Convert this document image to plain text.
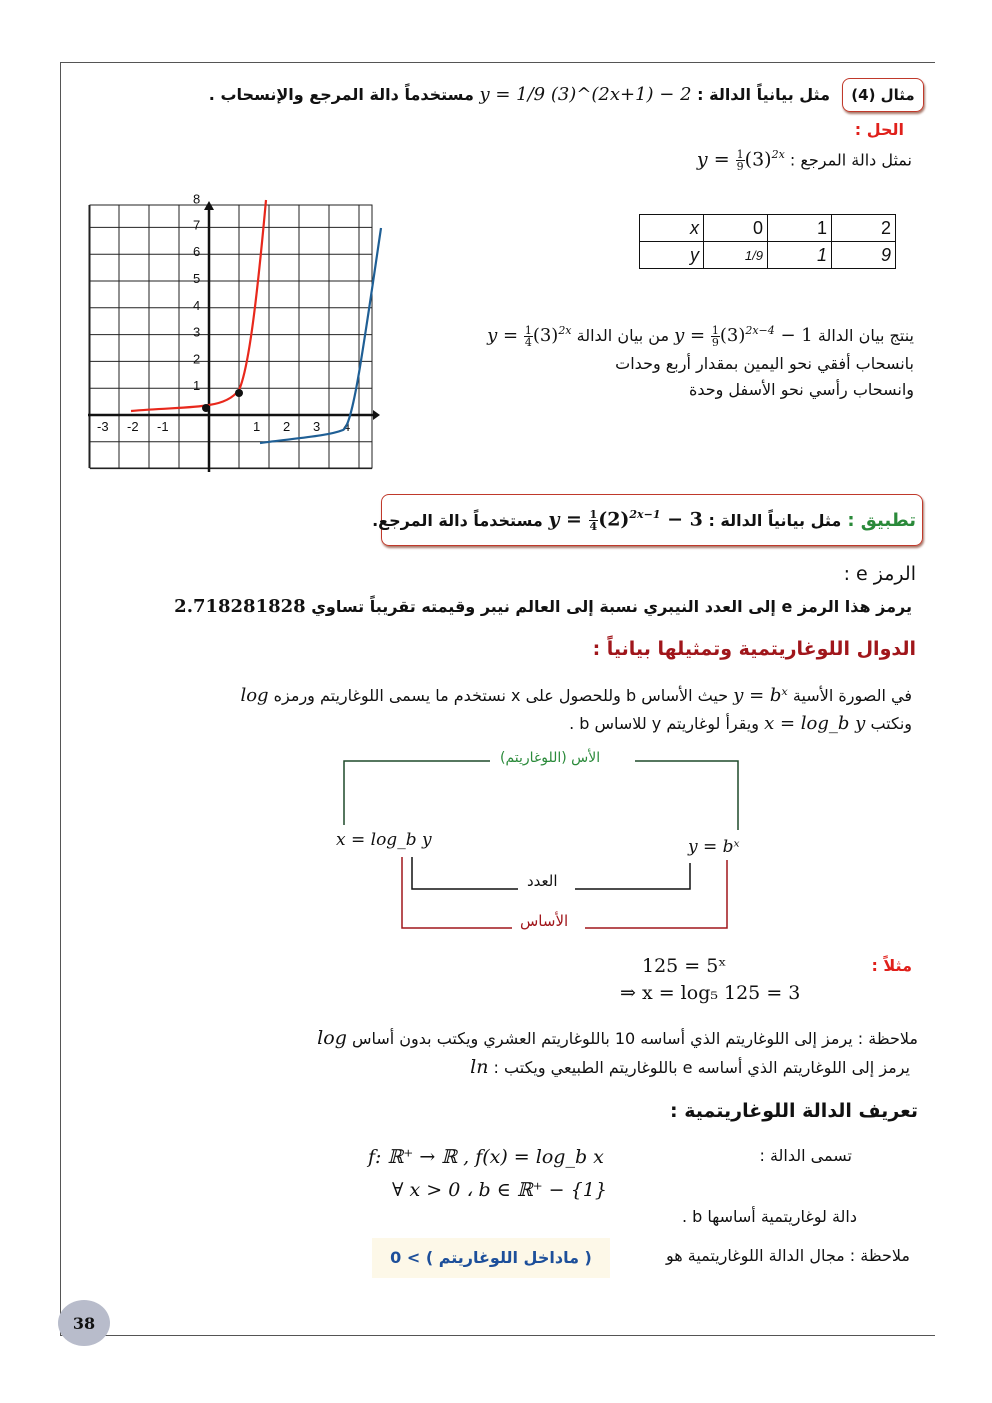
مثال (4)
مثل بيانياً الدالة : y = 1/9 (3)^(2x+1) − 2 مستخدماً دالة المرجع والإنسحاب .
الحل :
نمثل دالة المرجع : $y = \frac{1}{9} (3)^{2x}$
x	0	1	2
y	1/9	1	9
ينتج بيان الدالة $y = \frac{1}{9} (3)^{2x-4} - 1$ من بيان الدالة $y = \frac{1}{4} (3)^{2x}$
بانسحاب أفقي نحو اليمين بمقدار أربع وحدات
وانسحاب رأسي نحو الأسفل وحدة
-3 -2 -1	1 2 3 4
1
2
3
4
5
6
7
8
تطبيق :
مثل بيانياً الدالة :

$y = \frac{1}{4} (2)^{2x-1} - 3$

مستخدماً دالة المرجع.
الرمز e :
يرمز هذا الرمز e إلى العدد النيبري نسبة إلى العالم نيبر وقيمته تقريباً تساوي 2.718281828
الدوال اللوغاريتمية وتمثيلها بيانياً :
في الصورة الأسية y = bˣ حيث الأساس b وللحصول على x نستخدم ما يسمى اللوغاريتم ورمزه log
ونكتب x = log_b y ويقرأ لوغاريتم y للاساس b .
الأس (اللوغاريتم)
x = log_b y	y = bˣ
العدد
الأساس
مثلاً :
125 = 5ˣ
⇒ x = log₅ 125 = 3
ملاحظة : يرمز إلى اللوغاريتم الذي أساسه 10 باللوغاريتم العشري ويكتب بدون أساس log
يرمز إلى اللوغاريتم الذي أساسه e باللوغاريتم الطبيعي ويكتب : ln
تعريف الدالة اللوغاريتمية :
تسمى الدالة :
f: ℝ⁺ → ℝ , f(x) = log_b x
∀ x > 0 ، b ∈ ℝ⁺ − {1}
دالة لوغاريتمية أساسها b .
ملاحظة : مجال الدالة اللوغاريتمية هو
( ماداخل اللوغاريتم ) > 0
38
